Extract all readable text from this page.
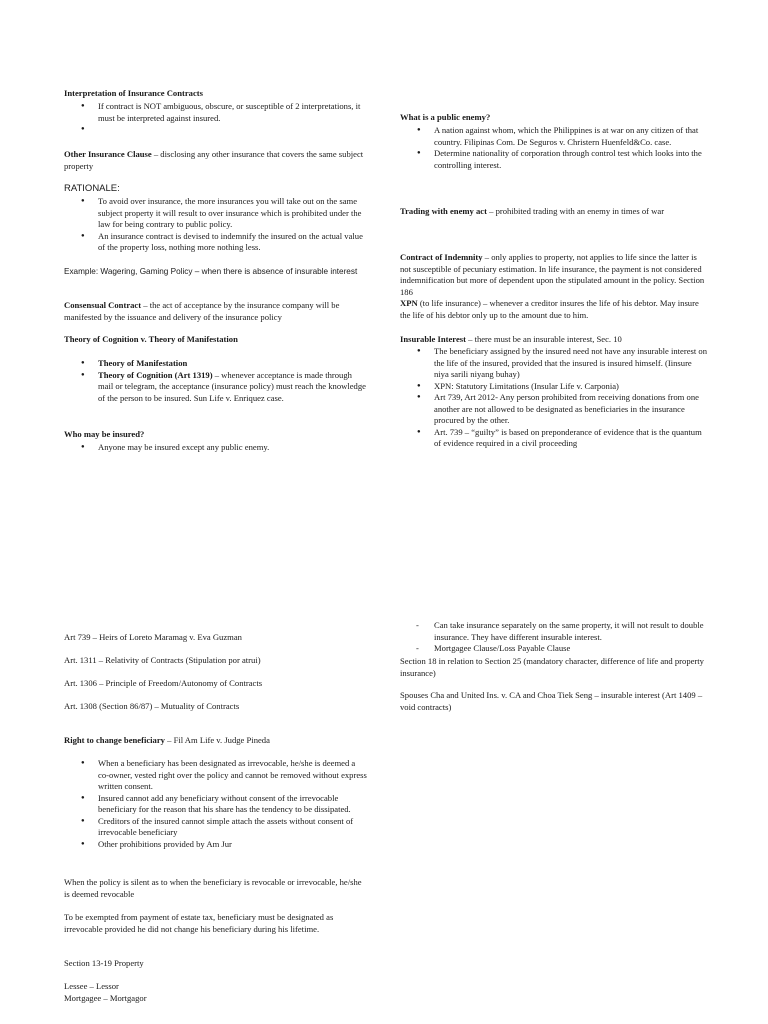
Interpretation of Insurance Contracts
● If contract is NOT ambiguous, obscure, or susceptible of 2 interpretations, it must be interpreted against insured.
●
Other Insurance Clause – disclosing any other insurance that covers the same subject property
RATIONALE:
● To avoid over insurance, the more insurances you will take out on the same subject property it will result to over insurance which is prohibited under the law for being contrary to public policy.
● An insurance contract is devised to indemnify the insured on the actual value of the property loss, nothing more nothing less.
Example: Wagering, Gaming Policy – when there is absence of insurable interest
Consensual Contract – the act of acceptance by the insurance company will be manifested by the issuance and delivery of the insurance policy
Theory of Cognition v. Theory of Manifestation
● Theory of Manifestation
● Theory of Cognition (Art 1319) – whenever acceptance is made through mail or telegram, the acceptance (insurance policy) must reach the knowledge of the person to be insured. Sun Life v. Enriquez case.
Who may be insured?
● Anyone may be insured except any public enemy.
What is a public enemy?
● A nation against whom, which the Philippines is at war on any citizen of that country. Filipinas Com. De Seguros v. Christern Huenfeld&Co. case.
● Determine nationality of corporation through control test which looks into the controlling interest.
Trading with enemy act – prohibited trading with an enemy in times of war
Contract of Indemnity – only applies to property, not applies to life since the latter is not susceptible of pecuniary estimation. In life insurance, the payment is not considered indemnification but more of dependent upon the stipulated amount in the policy. Section 186
XPN (to life insurance) – whenever a creditor insures the life of his debtor. May insure the life of his debtor only up to the amount due to him.
Insurable Interest – there must be an insurable interest, Sec. 10
● The beneficiary assigned by the insured need not have any insurable interest on the life of the insured, provided that the insured is insured himself. (Iinsure niya sarili niyang buhay)
● XPN: Statutory Limitations (Insular Life v. Carponia)
● Art 739, Art 2012- Any person prohibited from receiving donations from one another are not allowed to be designated as beneficiaries in the insurance procured by the other.
● Art. 739 – “guilty” is based on preponderance of evidence that is the quantum of evidence required in a civil proceeding
Art 739 – Heirs of Loreto Maramag v. Eva Guzman
Art. 1311 – Relativity of Contracts (Stipulation por atrui)
Art. 1306 – Principle of Freedom/Autonomy of Contracts
Art. 1308 (Section 86/87) – Mutuality of Contracts
Right to change beneficiary – Fil Am Life v. Judge Pineda
● When a beneficiary has been designated as irrevocable, he/she is deemed a co-owner, vested right over the policy and cannot be removed without express written consent.
● Insured cannot add any beneficiary without consent of the irrevocable beneficiary for the reason that his share has the tendency to be dissipated.
● Creditors of the insured cannot simple attach the assets without consent of irrevocable beneficiary
● Other prohibitions provided by Am Jur
When the policy is silent as to when the beneficiary is revocable or irrevocable, he/she is deemed revocable
To be exempted from payment of estate tax, beneficiary must be designated as irrevocable provided he did not change his beneficiary during his lifetime.
Section 13-19 Property
Lessee – Lessor
Mortgagee – Mortgagor
- Can take insurance separately on the same property, it will not result to double insurance. They have different insurable interest.
- Mortgagee Clause/Loss Payable Clause
Section 18 in relation to Section 25 (mandatory character, difference of life and property insurance)
Spouses Cha and United Ins. v. CA and Choa Tiek Seng – insurable interest (Art 1409 – void contracts)
